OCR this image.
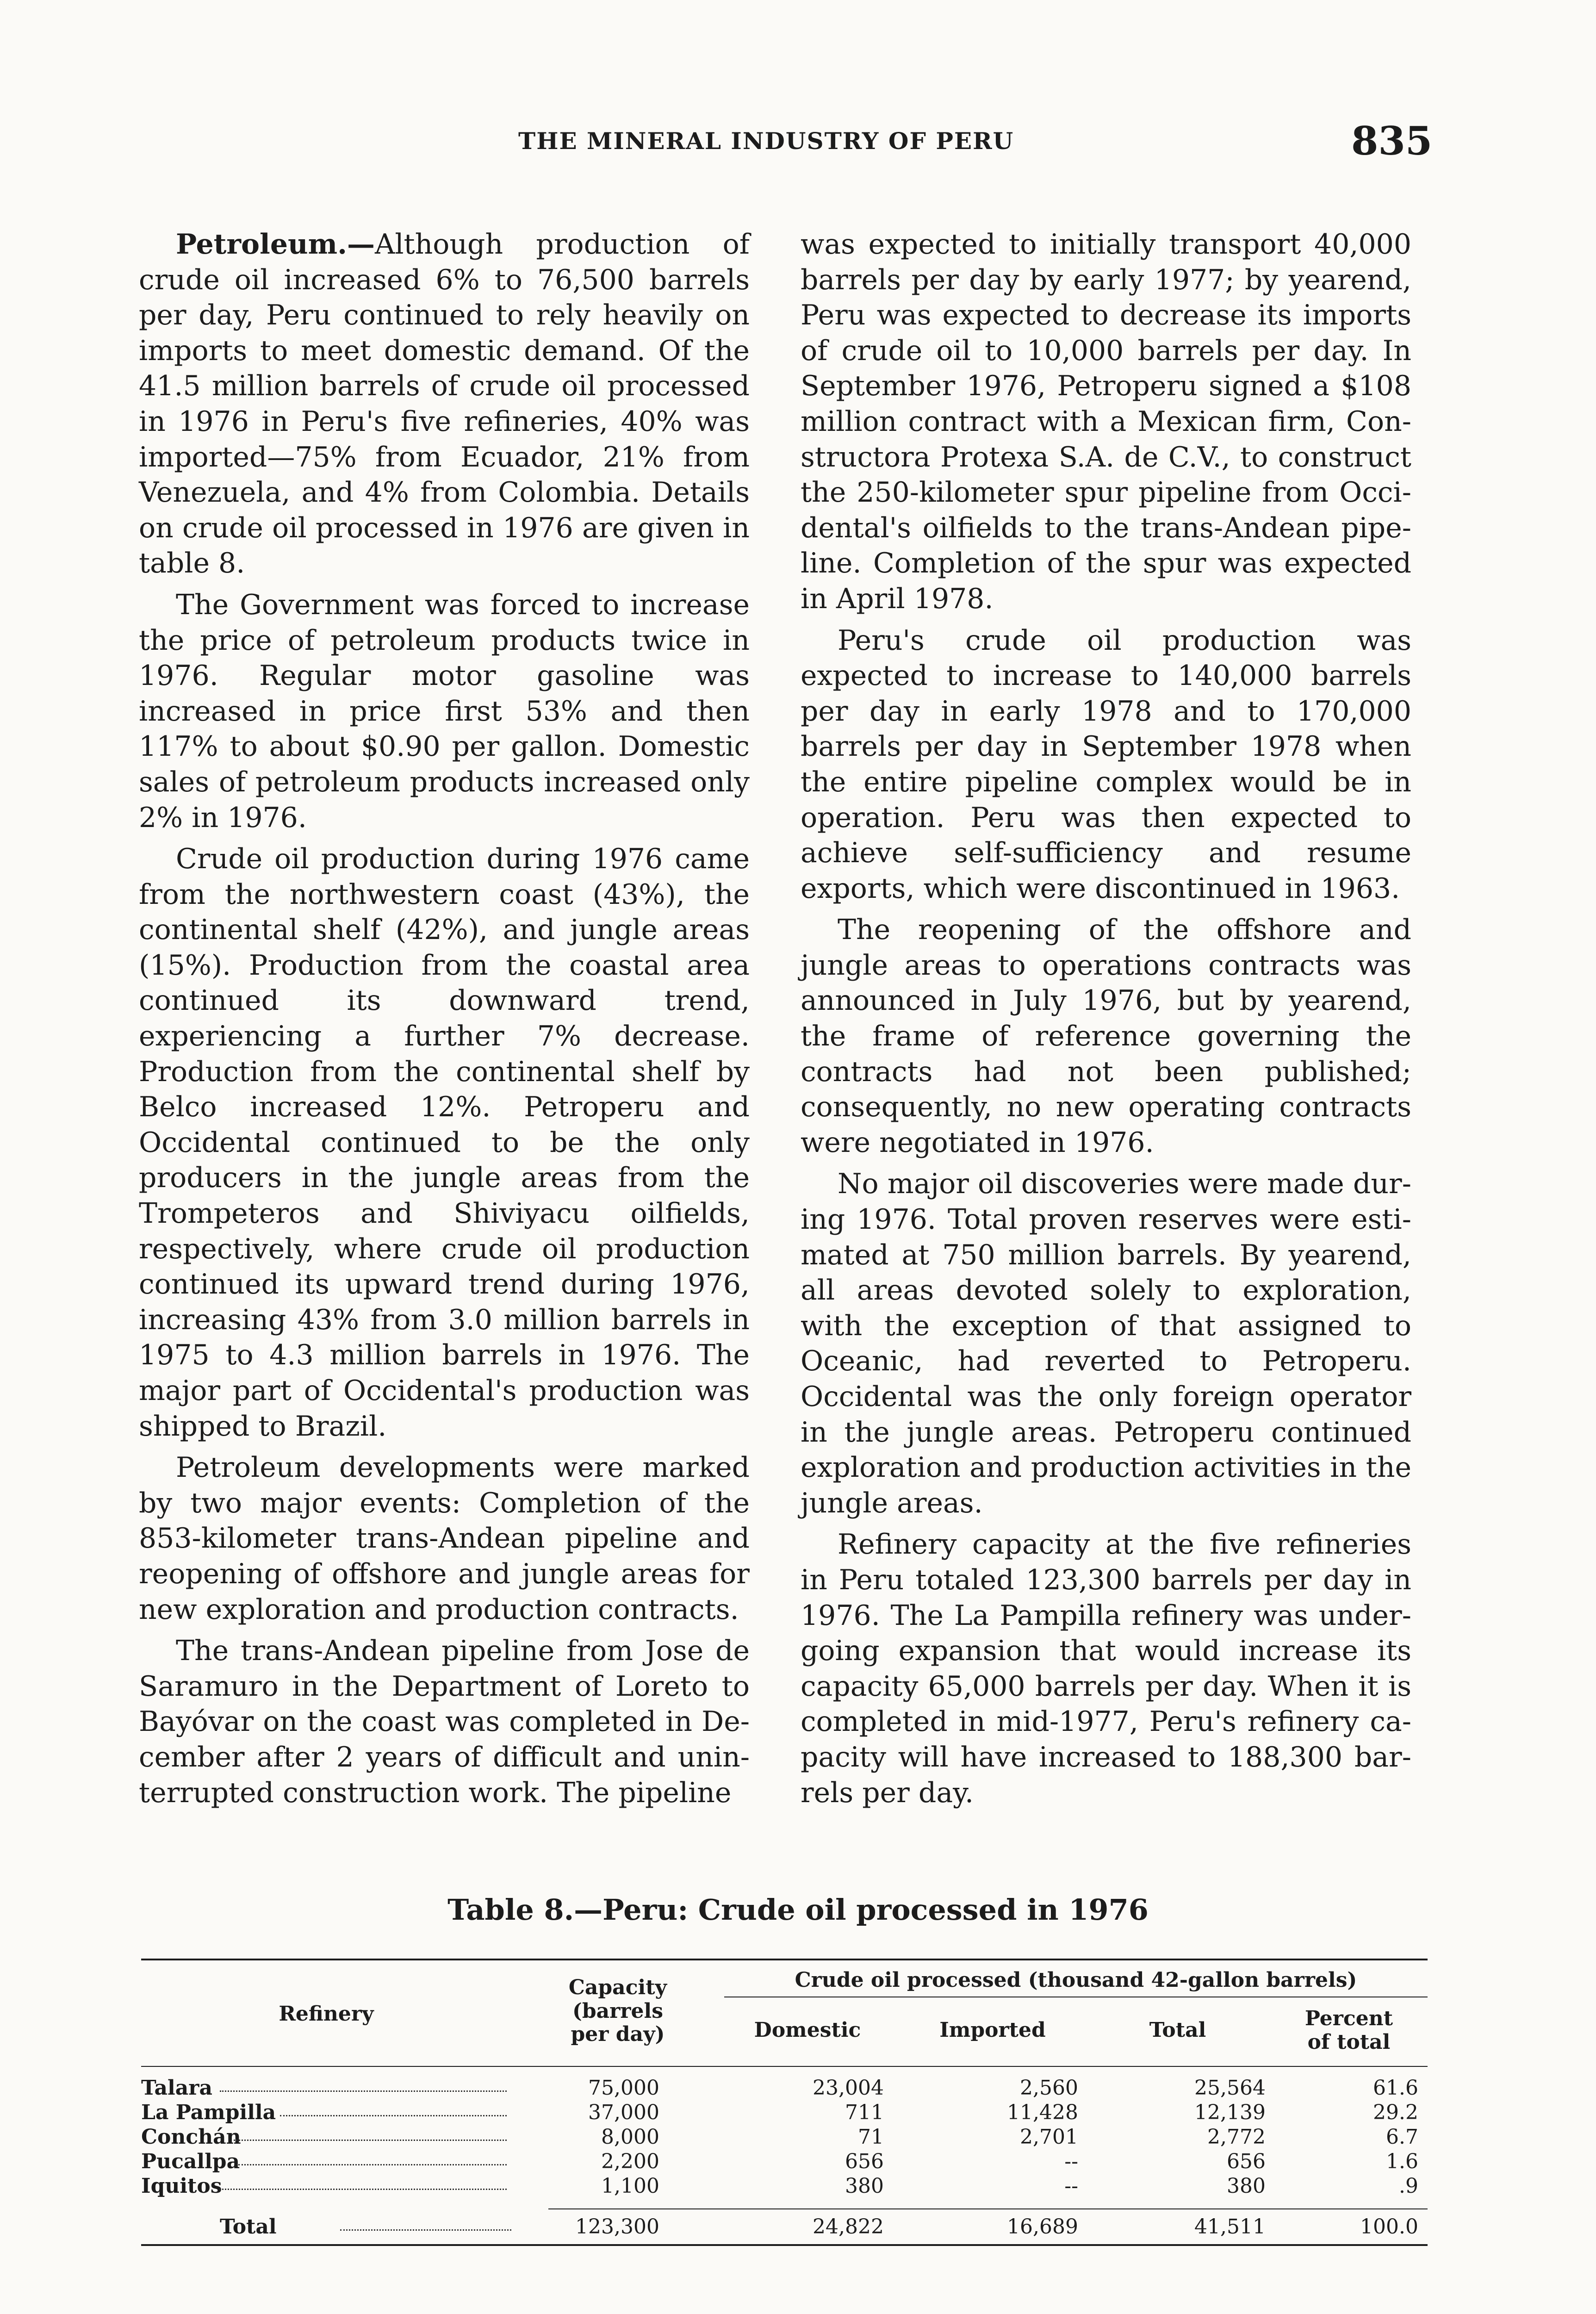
THE MINERAL INDUSTRY OF PERU	835

Petroleum.—Although production of crude oil increased 6% to 76,500 barrels per day, Peru continued to rely heavily on imports to meet domestic demand. Of the 41.5 million barrels of crude oil processed in 1976 in Peru's five refineries, 40% was imported—75% from Ecuador, 21% from Venezuela, and 4% from Colombia. Details on crude oil processed in 1976 are given in table 8.

The Government was forced to increase the price of petroleum products twice in 1976. Regular motor gasoline was increased in price first 53% and then 117% to about $0.90 per gallon. Domestic sales of petroleum products increased only 2% in 1976.

Crude oil production during 1976 came from the northwestern coast (43%), the continental shelf (42%), and jungle areas (15%). Production from the coastal area continued its downward trend, experiencing a further 7% decrease. Production from the continental shelf by Belco increased 12%. Petroperu and Occidental continued to be the only producers in the jungle areas from the Trompeteros and Shiviyacu oilfields, respectively, where crude oil production continued its upward trend during 1976, increasing 43% from 3.0 million barrels in 1975 to 4.3 million barrels in 1976. The major part of Occidental's production was shipped to Brazil.

Petroleum developments were marked by two major events: Completion of the 853-kilometer trans-Andean pipeline and reopening of offshore and jungle areas for new exploration and production contracts.

The trans-Andean pipeline from Jose de Saramuro in the Department of Loreto to Bayóvar on the coast was completed in December after 2 years of difficult and uninterrupted construction work. The pipeline

was expected to initially transport 40,000 barrels per day by early 1977; by yearend, Peru was expected to decrease its imports of crude oil to 10,000 barrels per day. In September 1976, Petroperu signed a $108 million contract with a Mexican firm, Constructora Protexa S.A. de C.V., to construct the 250-kilometer spur pipeline from Occidental's oilfields to the trans-Andean pipeline. Completion of the spur was expected in April 1978.

Peru's crude oil production was expected to increase to 140,000 barrels per day in early 1978 and to 170,000 barrels per day in September 1978 when the entire pipeline complex would be in operation. Peru was then expected to achieve self-sufficiency and resume exports, which were discontinued in 1963.

The reopening of the offshore and jungle areas to operations contracts was announced in July 1976, but by yearend, the frame of reference governing the contracts had not been published; consequently, no new operating contracts were negotiated in 1976.

No major oil discoveries were made during 1976. Total proven reserves were estimated at 750 million barrels. By yearend, all areas devoted solely to exploration, with the exception of that assigned to Oceanic, had reverted to Petroperu. Occidental was the only foreign operator in the jungle areas. Petroperu continued exploration and production activities in the jungle areas.

Refinery capacity at the five refineries in Peru totaled 123,300 barrels per day in 1976. The La Pampilla refinery was undergoing expansion that would increase its capacity 65,000 barrels per day. When it is completed in mid-1977, Peru's refinery capacity will have increased to 188,300 barrels per day.

Table 8.—Peru: Crude oil processed in 1976
Refinery
Capacity
(barrels
per day)
Crude oil processed (thousand 42-gallon barrels)
Domestic	Imported	Total	Percent
of total
Talara	75,000	23,004	2,560	25,564	61.6
La Pampilla	37,000	711	11,428	12,139	29.2
Conchán	8,000	71	2,701	2,772	6.7
Pucallpa	2,200	656	--	656	1.6
Iquitos	1,100	380	--	380	.9
Total	123,300	24,822	16,689	41,511	100.0
